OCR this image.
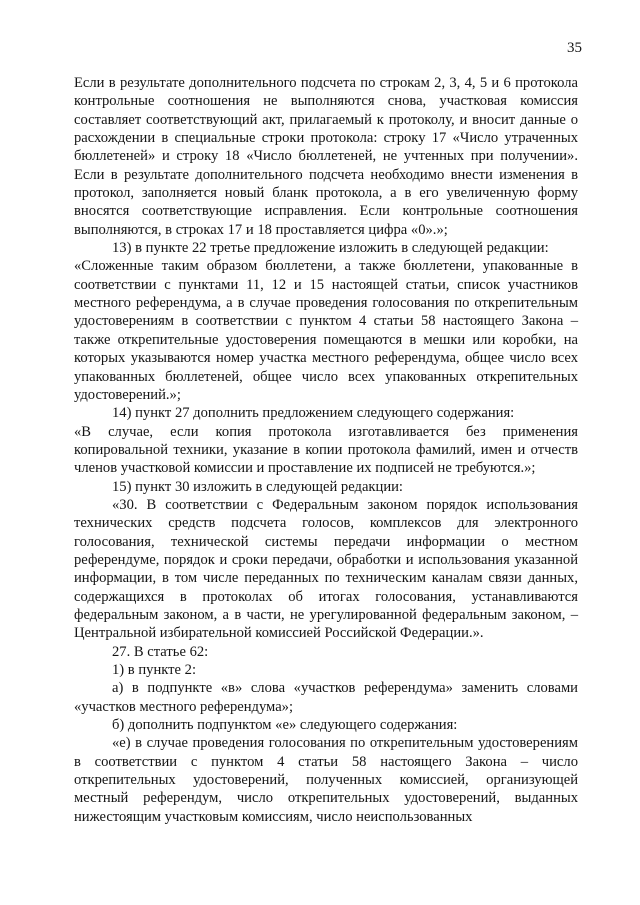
35

Если в результате дополнительного подсчета по строкам 2, 3, 4, 5 и 6 протокола контрольные соотношения не выполняются снова, участковая комиссия составляет соответствующий акт, прилагаемый к протоколу, и вносит данные о расхождении в специальные строки протокола: строку 17 «Число утраченных бюллетеней» и строку 18 «Число бюллетеней, не учтенных при получении». Если в результате дополнительного подсчета необходимо внести изменения в протокол, заполняется новый бланк протокола, а в его увеличенную форму вносятся соответствующие исправления. Если контрольные соотношения выполняются, в строках 17 и 18 проставляется цифра «0».»;

13) в пункте 22 третье предложение изложить в следующей редакции:

«Сложенные таким образом бюллетени, а также бюллетени, упакованные в соответствии с пунктами 11, 12 и 15 настоящей статьи, список участников местного референдума, а в случае проведения голосования по открепительным удостоверениям в соответствии с пунктом 4 статьи 58 настоящего Закона – также открепительные удостоверения помещаются в мешки или коробки, на которых указываются номер участка местного референдума, общее число всех упакованных бюллетеней, общее число всех упакованных открепительных удостоверений.»;

14) пункт 27 дополнить предложением следующего содержания:

«В случае, если копия протокола изготавливается без применения копировальной техники, указание в копии протокола фамилий, имен и отчеств членов участковой комиссии и проставление их подписей не требуются.»;

15) пункт 30 изложить в следующей редакции:

«30. В соответствии с Федеральным законом порядок использования технических средств подсчета голосов, комплексов для электронного голосования, технической системы передачи информации о местном референдуме, порядок и сроки передачи, обработки и использования указанной информации, в том числе переданных по техническим каналам связи данных, содержащихся в протоколах об итогах голосования, устанавливаются федеральным законом, а в части, не урегулированной федеральным законом, – Центральной избирательной комиссией Российской Федерации.».

27. В статье 62:

1) в пункте 2:

а) в подпункте «в» слова «участков референдума» заменить словами «участков местного референдума»;

б) дополнить подпунктом «е» следующего содержания:

«е) в случае проведения голосования по открепительным удостоверениям в соответствии с пунктом 4 статьи 58 настоящего Закона – число открепительных удостоверений, полученных комиссией, организующей местный референдум, число открепительных удостоверений, выданных нижестоящим участковым комиссиям, число неиспользованных
